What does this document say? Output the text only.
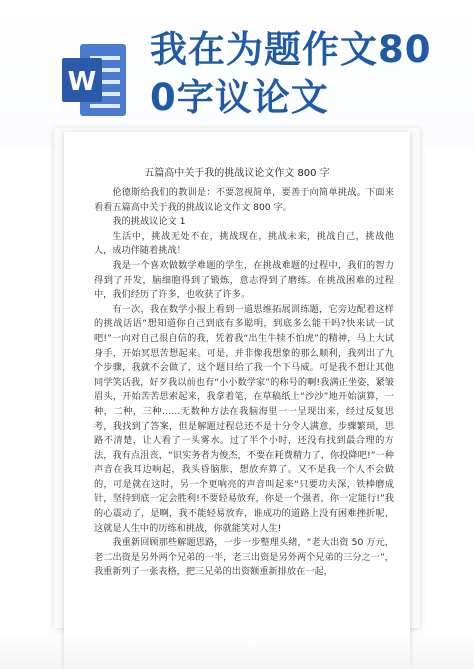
W
我在为题作文80
0字议论文
五篇高中关于我的挑战议论文作文 800 字

伦德斯给我们的教训是：不要忽视简单，要善于向简单挑战。下面来看看五篇高中关于我的挑战议论文作文 800 字。

我的挑战议论文 1

生活中，挑战无处不在，挑战现在，挑战未来，挑战自己，挑战他人，成功伴随着挑战！

我是一个喜欢做数学难题的学生，在挑战难题的过程中，我们的智力得到了开发，脑细胞得到了锻炼，意志得到了磨练。在挑战困难的过程中，我们经历了许多，也收获了许多。

有一次，我在数学小报上看到一道思维拓展训练题，它旁边配着这样的挑战话语“想知道你自己到底有多聪明，到底多么能干吗?快来试一试吧!”一向对自己很自信的我，凭着我“出生牛犊不怕虎”的精神，马上大试身手，开始冥思苦想起来。可是，并非像我想象的那么顺利，我列出了九个步骤，我就不会做了，这个题目给了我一个下马威。可是我不想让其他同学笑话我，好歹我以前也有“小小数学家”的称号的啊!我满正坐姿，紧皱眉头，开始苦苦思索起来，我拿着笔，在草稿纸上“沙沙”地开始演算，一种，二种，三种……无数种方法在我脑海里一一呈现出来，经过反复思考，我找到了答案，但是解题过程总还不是十分令人满意，步骤繁琐，思路不清楚，让人看了一头雾水。过了半个小时，还没有找到最合理的方法，我有点沮丧，“识实务者为俊杰，不要在耗费精力了，你投降吧!”一种声音在我耳边响起，我头昏脑胀，想放弃算了。又不是我一个人不会做的，可是就在这时，另一个更响亮的声音叫起来“只要功夫深，铁棒磨成针，坚持到底一定会胜利!不要轻易放弃，你是一个强者，你一定能行!”我的心震动了，是啊，我不能轻易放弃，谁成功的道路上没有困难挫折呢，这就是人生中的历练和挑战，你就能笑对人生!

我重新回顾那些解题思路，一步一步整理头绪，“老大出资 50 万元，老二出资是另外两个兄弟的一半，老三出资是另外两个兄弟的三分之一”，我重新列了一张表格，把三兄弟的出资额重新排放在一起，
